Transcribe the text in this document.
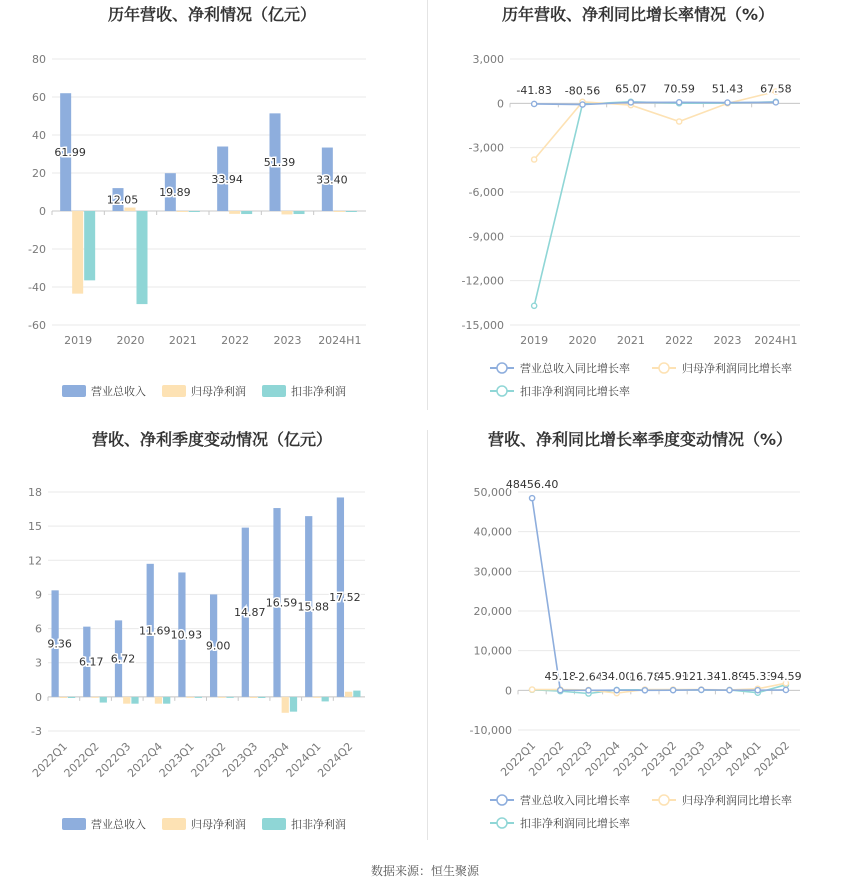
历年营收、净利情况（亿元）
80
60
40
20
0
-20
-40
-60
2019 2020 2021 2022 2023 2024H1
61.99
12.05
19.89
33.94
51.39
33.40
营业总收入	归母净利润	扣非净利润
历年营收、净利同比增长率情况（%）
3,000
0
-3,000
-6,000
-9,000
-12,000
-15,000
2019 2020 2021 2022 2023 2024H1
-41.83 -80.56 65.07 70.59 51.43 67.58
营业总收入同比增长率	归母净利润同比增长率
扣非净利润同比增长率
营收、净利季度变动情况（亿元）
18
15
12
9
6
3
0
-3
2022Q1
2022Q2
2022Q3
2022Q4
2023Q1
2023Q2
2023Q3
2023Q4
2024Q1
2024Q2
9.36
6.17 6.72
11.69 10.93
9.00
14.87
16.59 15.88
17.52
营业总收入	归母净利润	扣非净利润
营收、净利同比增长率季度变动情况（%）
50,000
40,000
30,000
20,000
10,000
0
-10,000
2022Q1
2022Q2
2022Q3
2022Q4
2023Q1
2023Q2
2023Q3
2023Q4
2024Q1
2024Q2
48456.40
45.18
-2.64
34.00
16.78
45.99
121.31
41.89
45.33
94.59
营业总收入同比增长率	归母净利润同比增长率
扣非净利润同比增长率
数据来源：恒生聚源
